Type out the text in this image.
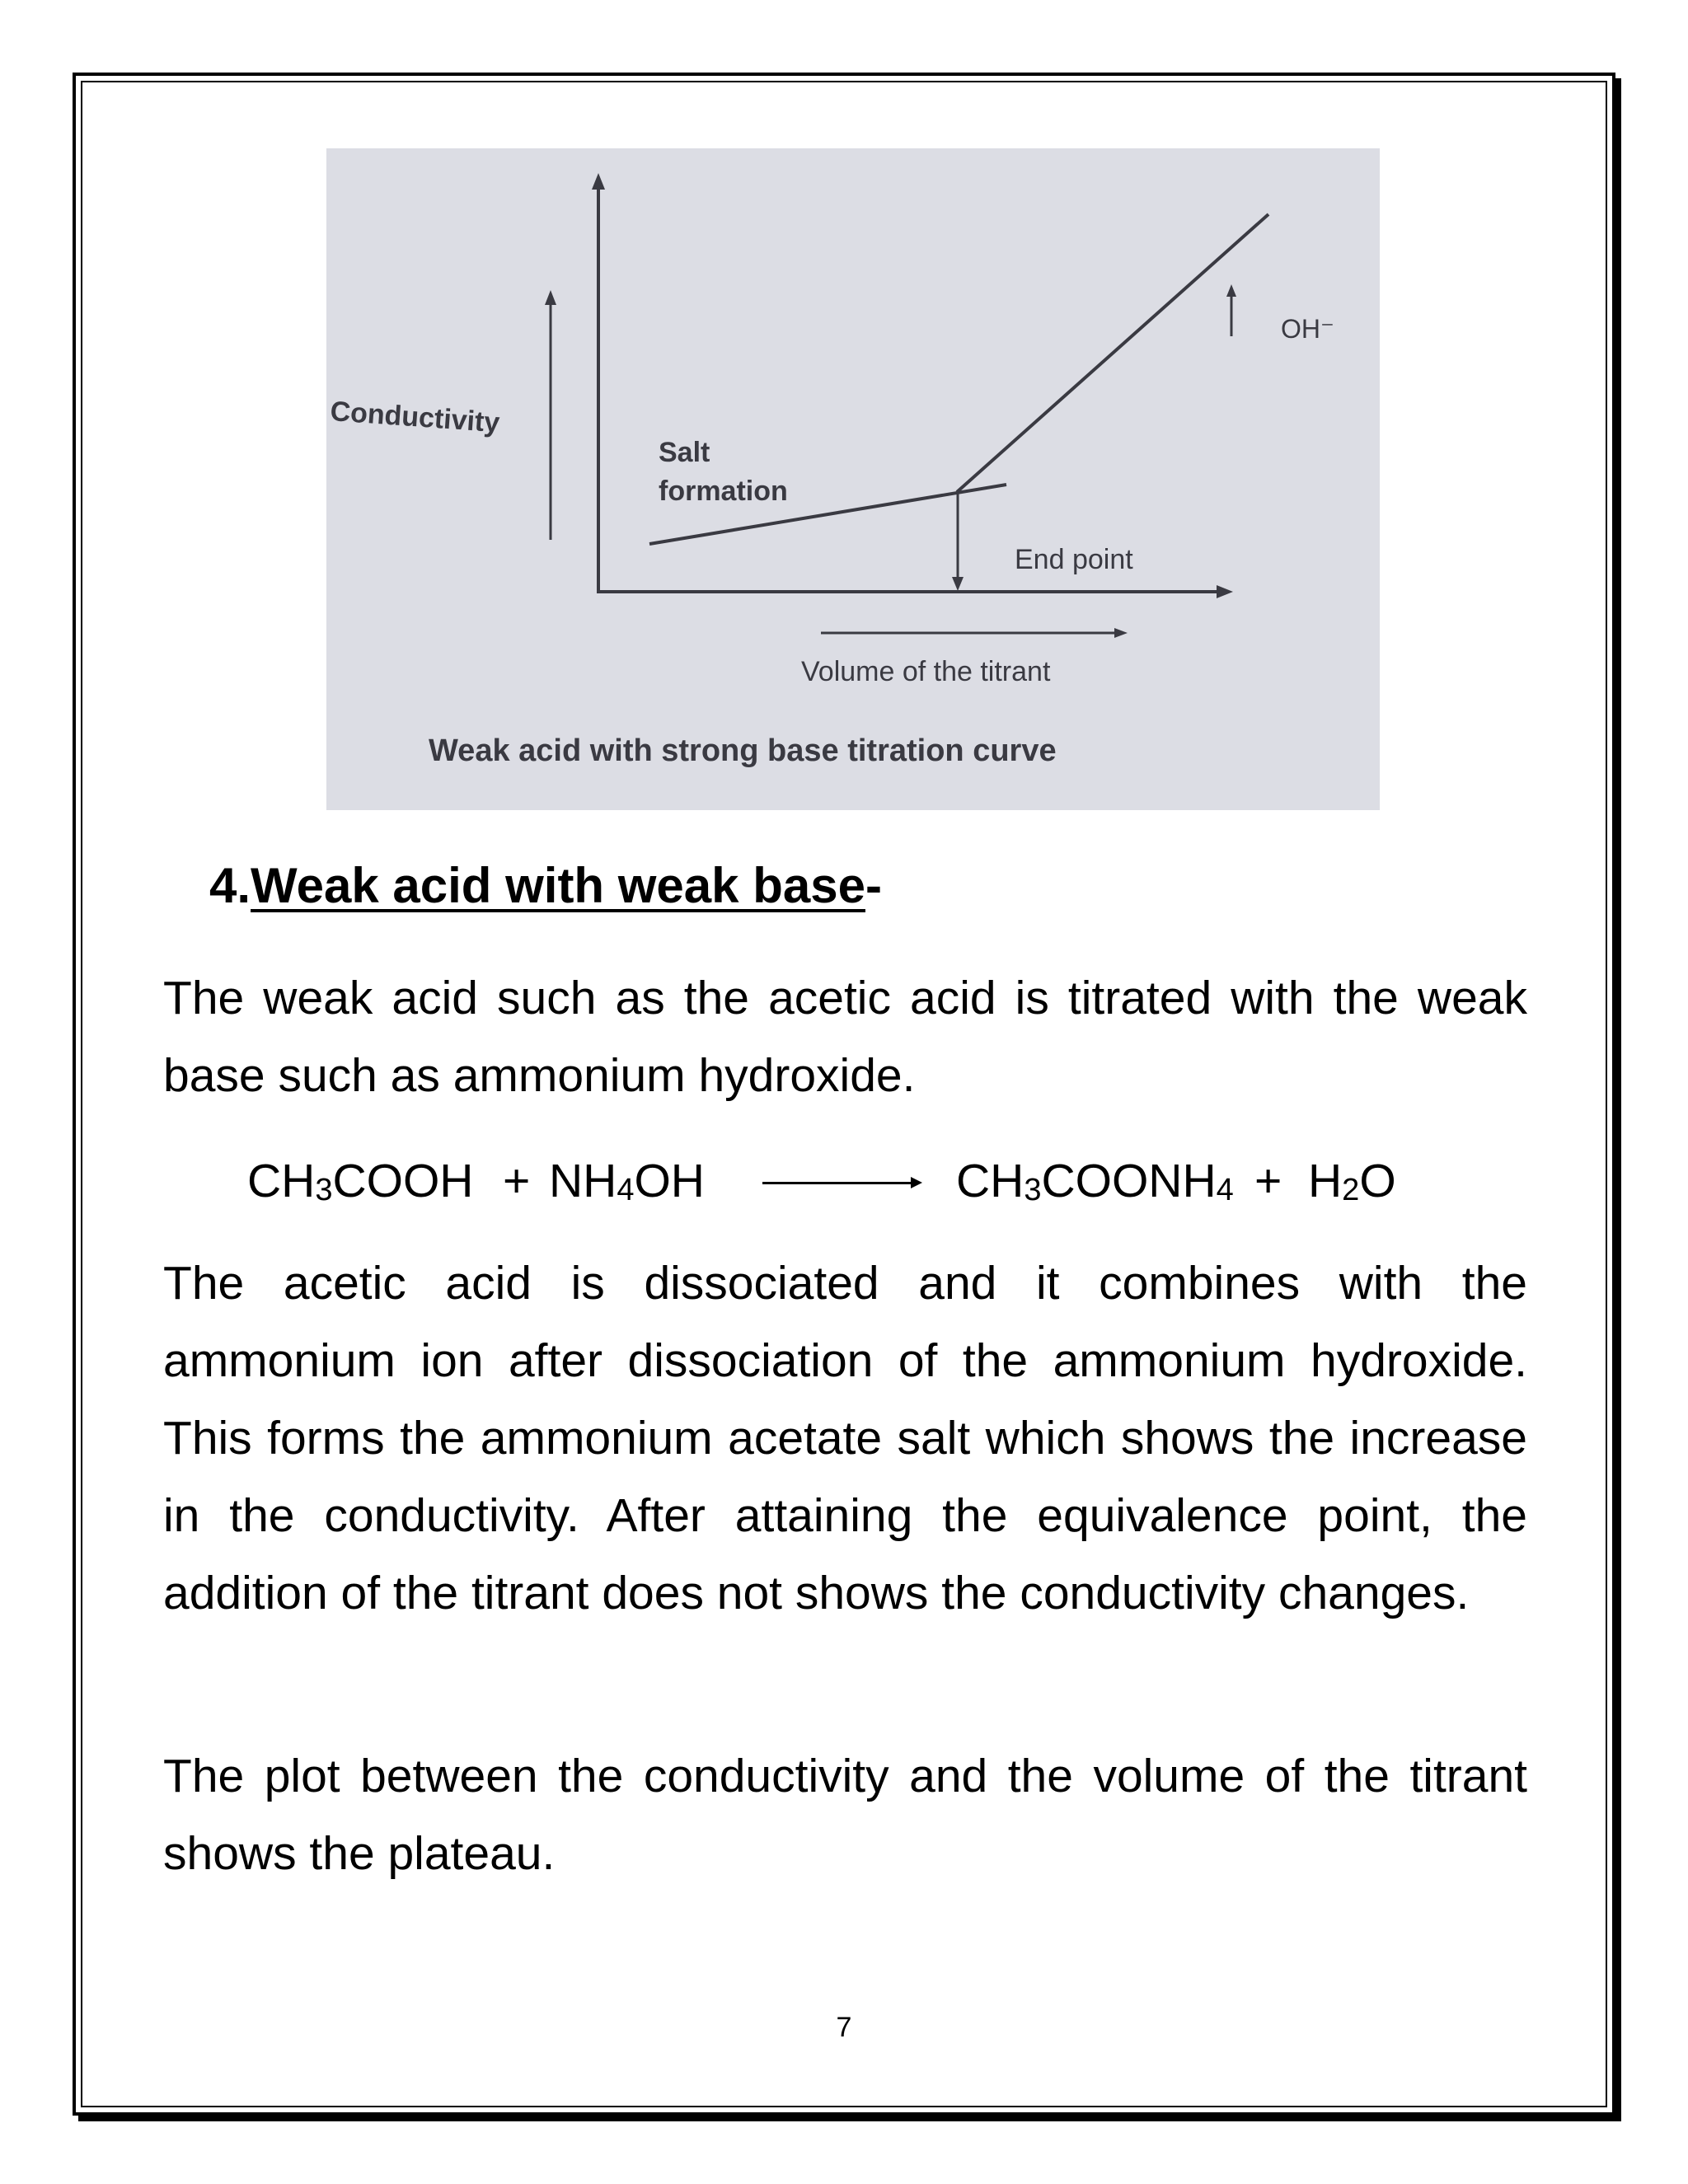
Conductivity
Salt
formation
OH⁻
End point
Volume of the titrant
Weak acid with strong base titration curve
4.Weak acid with weak base-

The weak acid such as the acetic acid is titrated with the weak base such as ammonium hydroxide.

$CH_3COOH + NH_4OH$ → $CH_3COONH_4 + H_2O$

The acetic acid is dissociated and it combines with the ammonium ion after dissociation of the ammonium hydroxide. This forms the ammonium acetate salt which shows the increase in the conductivity. After attaining the equivalence point, the addition of the titrant does not shows the conductivity changes.

The plot between the conductivity and the volume of the titrant shows the plateau.

7
